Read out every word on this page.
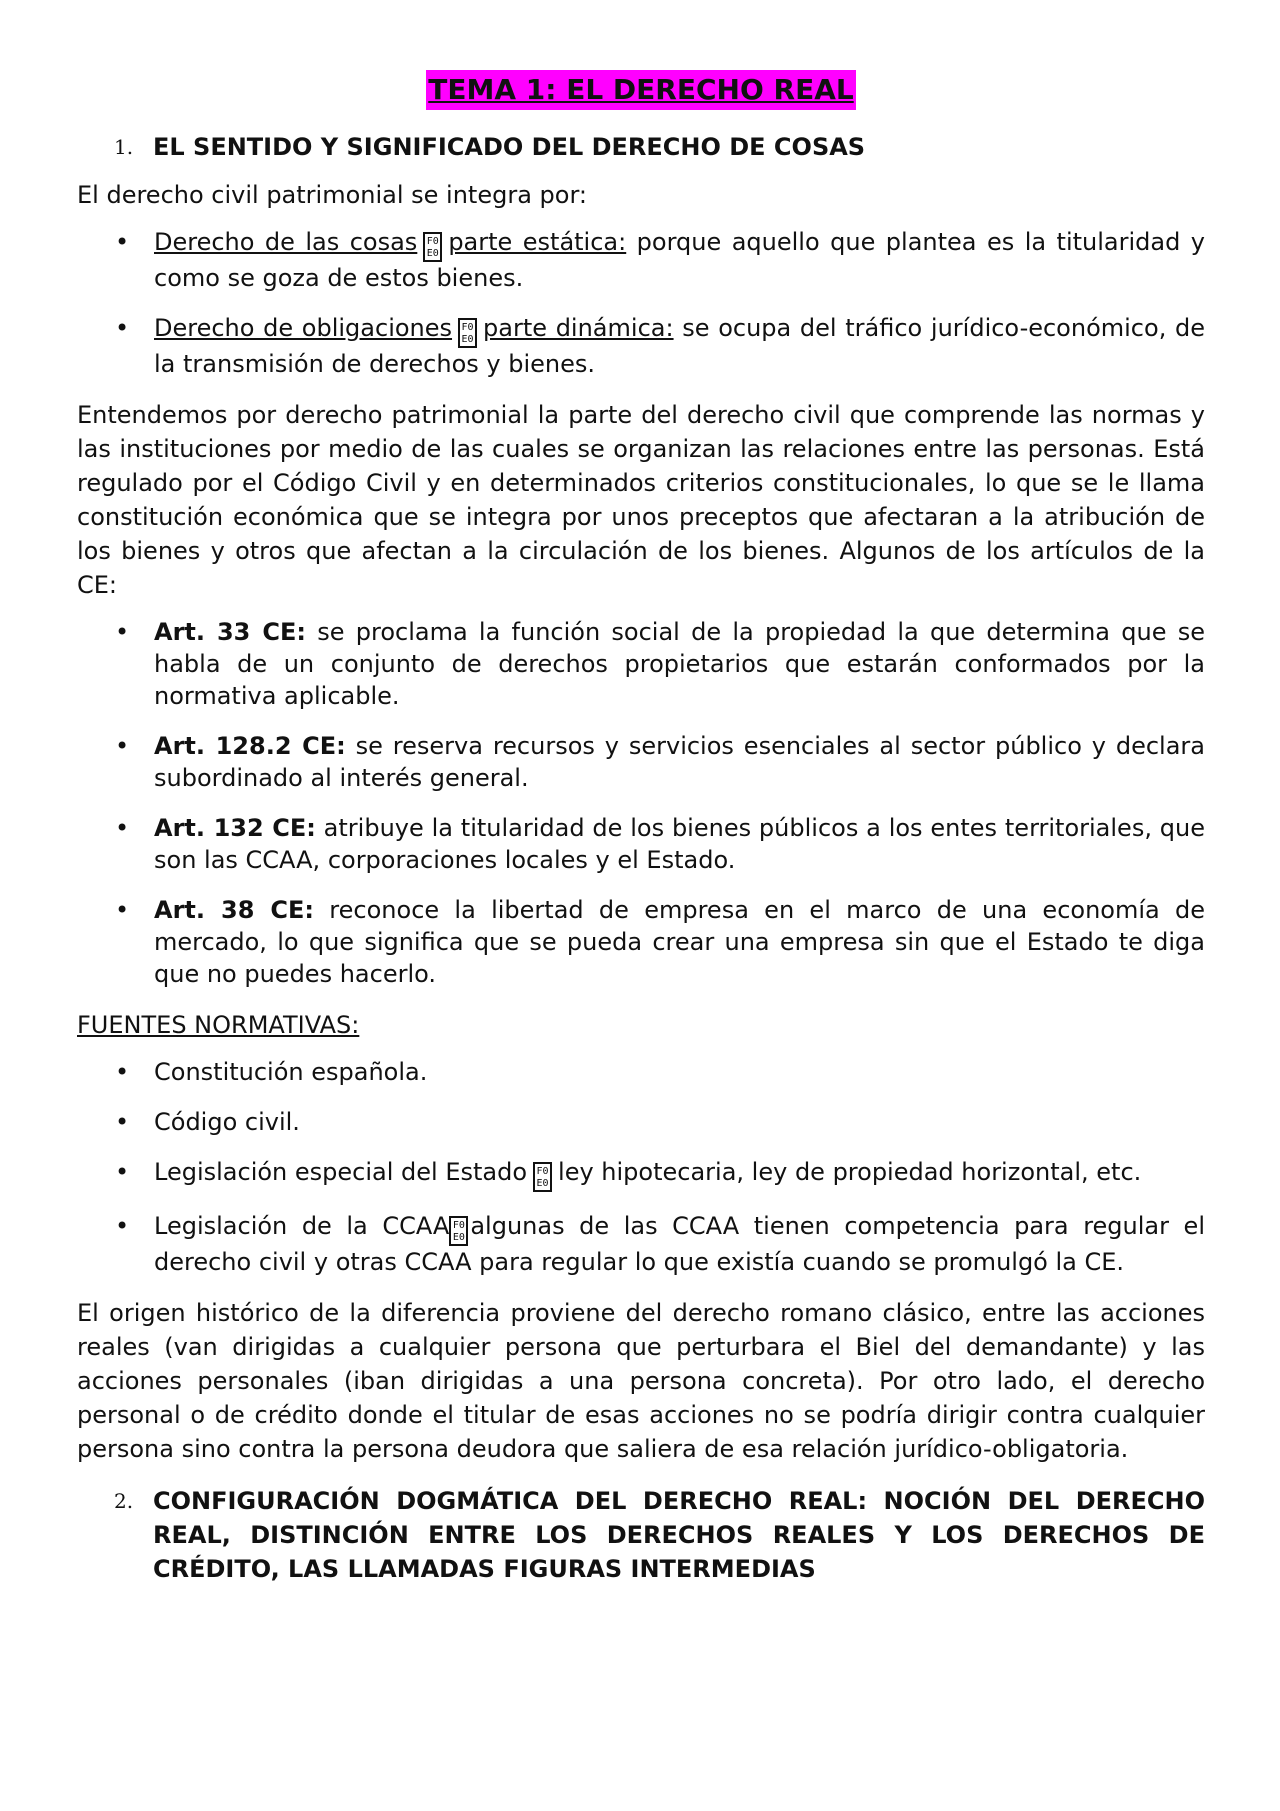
TEMA 1: EL DERECHO REAL
1. EL SENTIDO Y SIGNIFICADO DEL DERECHO DE COSAS

El derecho civil patrimonial se integra por:

• Derecho de las cosas F0
E0 parte estática: porque aquello que plantea es la titularidad y como se goza de estos bienes.
• Derecho de obligaciones F0
E0 parte dinámica: se ocupa del tráfico jurídico-económico, de la transmisión de derechos y bienes.

Entendemos por derecho patrimonial la parte del derecho civil que comprende las normas y las instituciones por medio de las cuales se organizan las relaciones entre las personas. Está regulado por el Código Civil y en determinados criterios constitucionales, lo que se le llama constitución económica que se integra por unos preceptos que afectaran a la atribución de los bienes y otros que afectan a la circulación de los bienes. Algunos de los artículos de la CE:

• Art. 33 CE: se proclama la función social de la propiedad la que determina que se habla de un conjunto de derechos propietarios que estarán conformados por la normativa aplicable.
• Art. 128.2 CE: se reserva recursos y servicios esenciales al sector público y declara subordinado al interés general.
• Art. 132 CE: atribuye la titularidad de los bienes públicos a los entes territoriales, que son las CCAA, corporaciones locales y el Estado.
• Art. 38 CE: reconoce la libertad de empresa en el marco de una economía de mercado, lo que significa que se pueda crear una empresa sin que el Estado te diga que no puedes hacerlo.
FUENTES NORMATIVAS:
• Constitución española.
• Código civil.
• Legislación especial del Estado F0
E0 ley hipotecaria, ley de propiedad horizontal, etc.
• Legislación de la CCAA F0
E0 algunas de las CCAA tienen competencia para regular el derecho civil y otras CCAA para regular lo que existía cuando se promulgó la CE.

El origen histórico de la diferencia proviene del derecho romano clásico, entre las acciones reales (van dirigidas a cualquier persona que perturbara el Biel del demandante) y las acciones personales (iban dirigidas a una persona concreta). Por otro lado, el derecho personal o de crédito donde el titular de esas acciones no se podría dirigir contra cualquier persona sino contra la persona deudora que saliera de esa relación jurídico-obligatoria.

2. CONFIGURACIÓN DOGMÁTICA DEL DERECHO REAL: NOCIÓN DEL DERECHO REAL, DISTINCIÓN ENTRE LOS DERECHOS REALES Y LOS DERECHOS DE CRÉDITO, LAS LLAMADAS FIGURAS INTERMEDIAS
